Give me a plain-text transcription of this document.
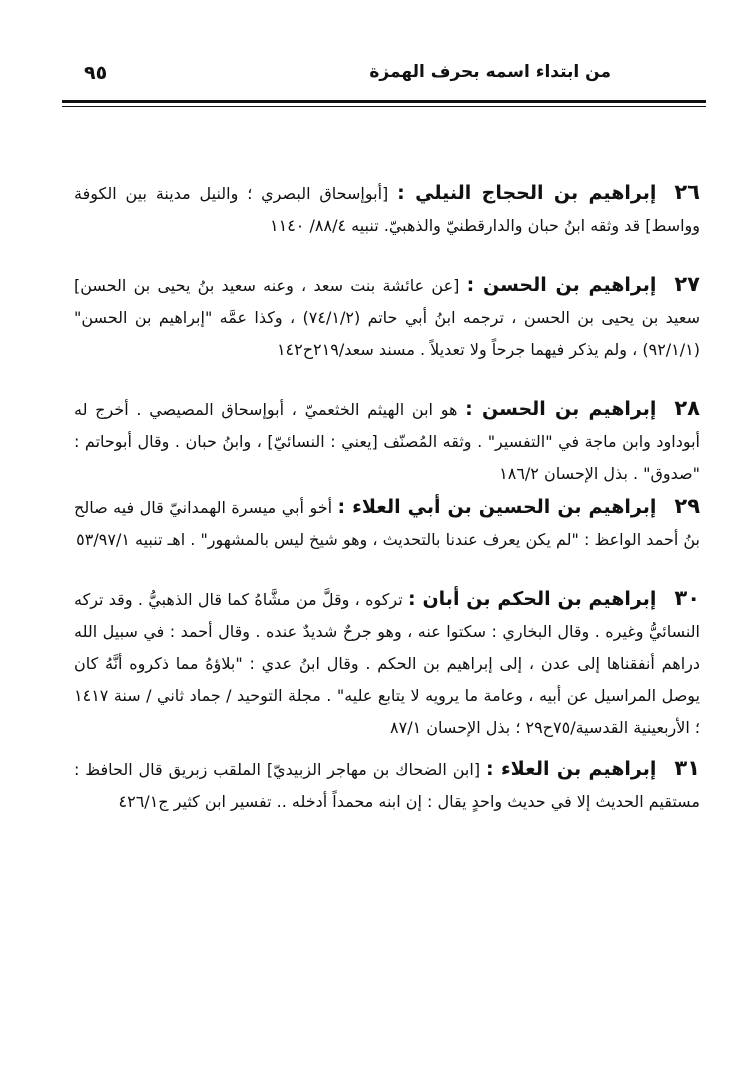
٩٥	من ابتداء اسمه بحرف الهمزة

٢٦إبراهيم بن الحجاج النيلي : [أبوإسحاق البصري ؛ والنيل مدينة بين الكوفة وواسط] قد وثقه ابنُ حبان والدارقطنيّ والذهبيّ. تنبيه ٨٨/٤/ ١١٤٠

٢٧إبراهيم بن الحسن : [عن عائشة بنت سعد ، وعنه سعيد بنُ يحيى بن الحسن] سعيد بن يحيى بن الحسن ، ترجمه ابنُ أبي حاتم (٧٤/١/٢) ، وكذا عمَّه "إبراهيم بن الحسن" (٩٢/١/١) ، ولم يذكر فيهما جرحاً ولا تعديلاً . مسند سعد/٢١٩ح١٤٢

٢٨إبراهيم بن الحسن : هو ابن الهيثم الخثعميّ ، أبوإسحاق المصيصي . أخرج له أبوداود وابن ماجة في "التفسير" . وثقه المُصنّف [يعني : النسائيّ] ، وابنُ حبان . وقال أبوحاتم : "صدوق" . بذل الإحسان ١٨٦/٢

٢٩إبراهيم بن الحسين بن أبي العلاء : أخو أبي ميسرة الهمدانيّ قال فيه صالح بنُ أحمد الواعظ : "لم يكن يعرف عندنا بالتحديث ، وهو شيخ ليس بالمشهور" . اهـ تنبيه ٥٣/٩٧/١

٣٠إبراهيم بن الحكم بن أبان : تركوه ، وقلَّ من مشَّاهُ كما قال الذهبيُّ . وقد تركه النسائيُّ وغيره . وقال البخاري : سكتوا عنه ، وهو جرحٌ شديدٌ عنده . وقال أحمد : في سبيل الله دراهم أنفقناها إلى عدن ، إلى إبراهيم بن الحكم . وقال ابنُ عدي : "بلاؤهُ مما ذكروه أنَّهُ كان يوصل المراسيل عن أبيه ، وعامة ما يرويه لا يتابع عليه" . مجلة التوحيد / جماد ثاني / سنة ١٤١٧ ؛ الأربعينية القدسية/٧٥ح٢٩ ؛ بذل الإحسان ٨٧/١

٣١إبراهيم بن العلاء : [ابن الضحاك بن مهاجر الزبيديّ] الملقب زبريق قال الحافظ : مستقيم الحديث إلا في حديث واحدٍ يقال : إن ابنه محمداً أدخله .. تفسير ابن كثير ج٤٢٦/١
